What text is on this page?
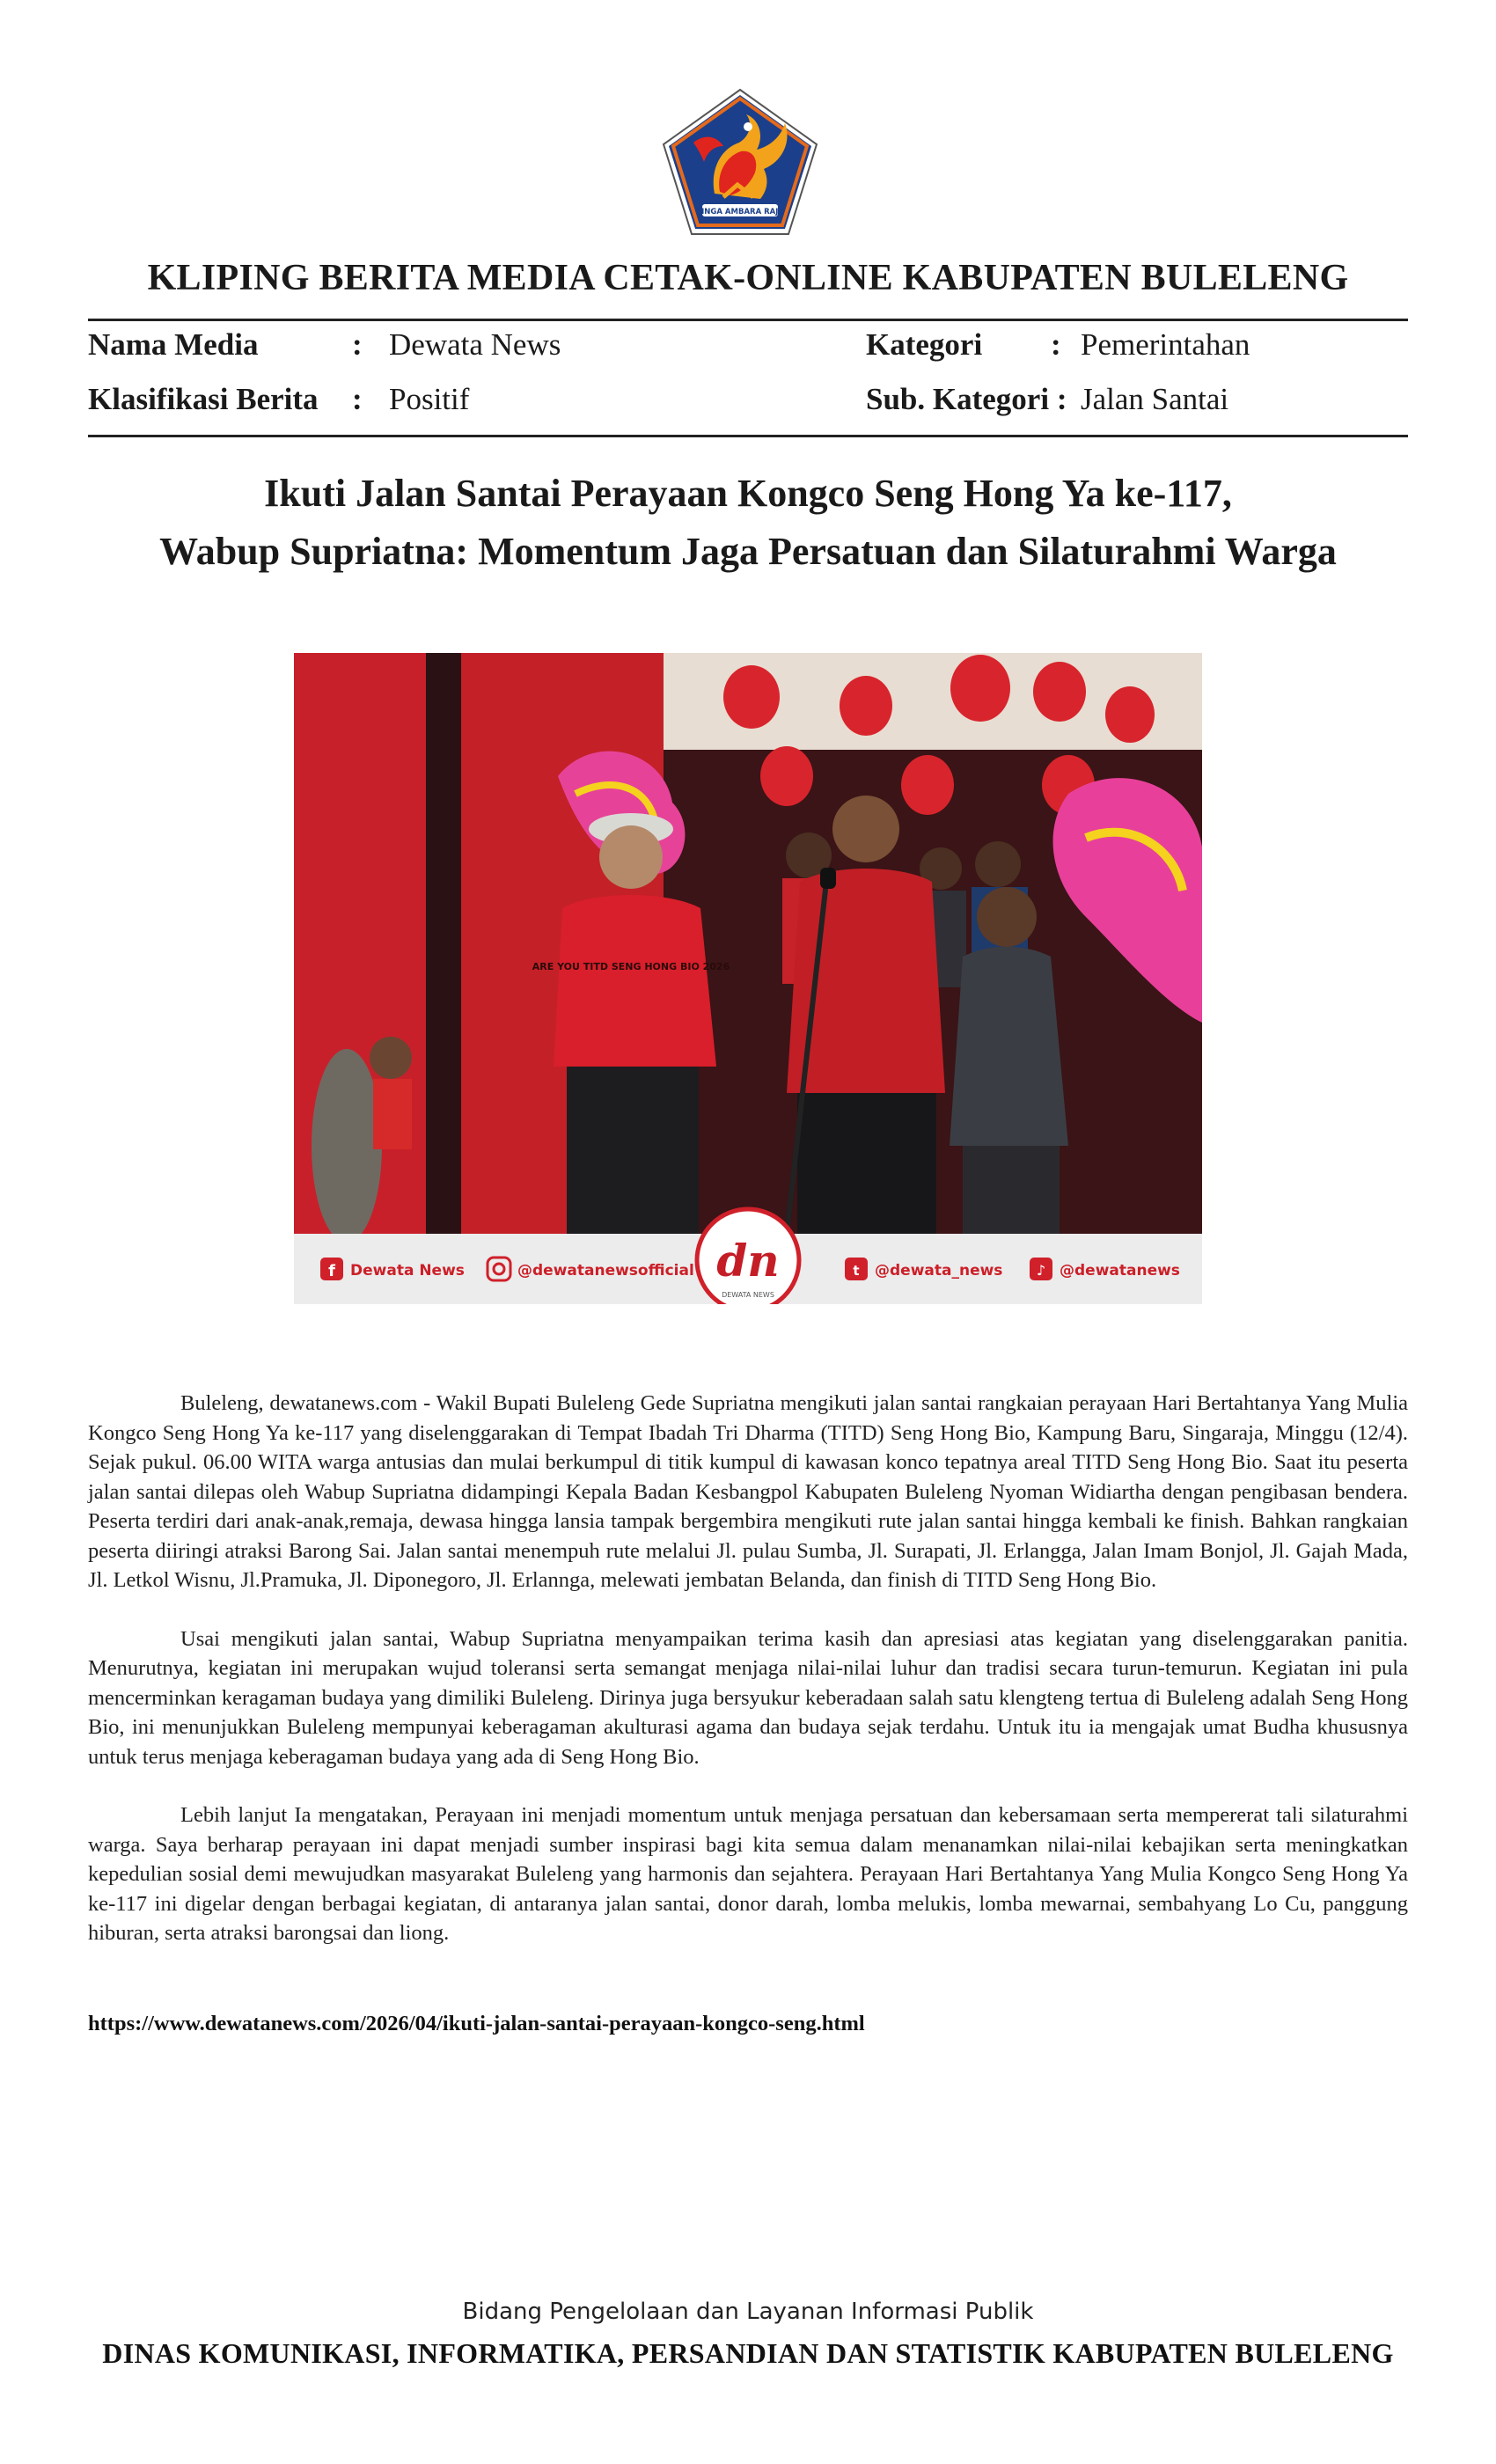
SINGA AMBARA RAJA
KLIPING BERITA MEDIA CETAK-ONLINE KABUPATEN BULELENG
Nama Media	: Dewata News	Kategori : Pemerintahan
Klasifikasi Berita : Positif	Sub. Kategori : Jalan Santai
Ikuti Jalan Santai Perayaan Kongco Seng Hong Ya ke-117,
Wabup Supriatna: Momentum Jaga Persatuan dan Silaturahmi Warga
ARE YOU TITD SENG HONG BIO 2026
f Dewata News	@dewatanewsofficial dn
DEWATA NEWS
t @dewata_news ♪ @dewatanews

Buleleng, dewatanews.com - Wakil Bupati Buleleng Gede Supriatna mengikuti jalan santai rangkaian perayaan Hari Bertahtanya Yang Mulia Kongco Seng Hong Ya ke-117 yang diselenggarakan di Tempat Ibadah Tri Dharma (TITD) Seng Hong Bio, Kampung Baru, Singaraja, Minggu (12/4). Sejak pukul. 06.00 WITA warga antusias dan mulai berkumpul di titik kumpul di kawasan konco tepatnya areal TITD Seng Hong Bio. Saat itu peserta jalan santai dilepas oleh Wabup Supriatna didampingi Kepala Badan Kesbangpol Kabupaten Buleleng Nyoman Widiartha dengan pengibasan bendera. Peserta terdiri dari anak-anak,remaja, dewasa hingga lansia tampak bergembira mengikuti rute jalan santai hingga kembali ke finish. Bahkan rangkaian peserta diiringi atraksi Barong Sai. Jalan santai menempuh rute melalui Jl. pulau Sumba, Jl. Surapati, Jl. Erlangga, Jalan Imam Bonjol, Jl. Gajah Mada, Jl. Letkol Wisnu, Jl.Pramuka, Jl. Diponegoro, Jl. Erlannga, melewati jembatan Belanda, dan finish di TITD Seng Hong Bio.

Usai mengikuti jalan santai, Wabup Supriatna menyampaikan terima kasih dan apresiasi atas kegiatan yang diselenggarakan panitia. Menurutnya, kegiatan ini merupakan wujud toleransi serta semangat menjaga nilai-nilai luhur dan tradisi secara turun-temurun. Kegiatan ini pula mencerminkan keragaman budaya yang dimiliki Buleleng. Dirinya juga bersyukur keberadaan salah satu klengteng tertua di Buleleng adalah Seng Hong Bio, ini menunjukkan Buleleng mempunyai keberagaman akulturasi agama dan budaya sejak terdahu. Untuk itu ia mengajak umat Budha khususnya untuk terus menjaga keberagaman budaya yang ada di Seng Hong Bio.

Lebih lanjut Ia mengatakan, Perayaan ini menjadi momentum untuk menjaga persatuan dan kebersamaan serta mempererat tali silaturahmi warga. Saya berharap perayaan ini dapat menjadi sumber inspirasi bagi kita semua dalam menanamkan nilai-nilai kebajikan serta meningkatkan kepedulian sosial demi mewujudkan masyarakat Buleleng yang harmonis dan sejahtera. Perayaan Hari Bertahtanya Yang Mulia Kongco Seng Hong Ya ke-117 ini digelar dengan berbagai kegiatan, di antaranya jalan santai, donor darah, lomba melukis, lomba mewarnai, sembahyang Lo Cu, panggung hiburan, serta atraksi barongsai dan liong.

https://www.dewatanews.com/2026/04/ikuti-jalan-santai-perayaan-kongco-seng.html
Bidang Pengelolaan dan Layanan Informasi Publik
DINAS KOMUNIKASI, INFORMATIKA, PERSANDIAN DAN STATISTIK KABUPATEN BULELENG
